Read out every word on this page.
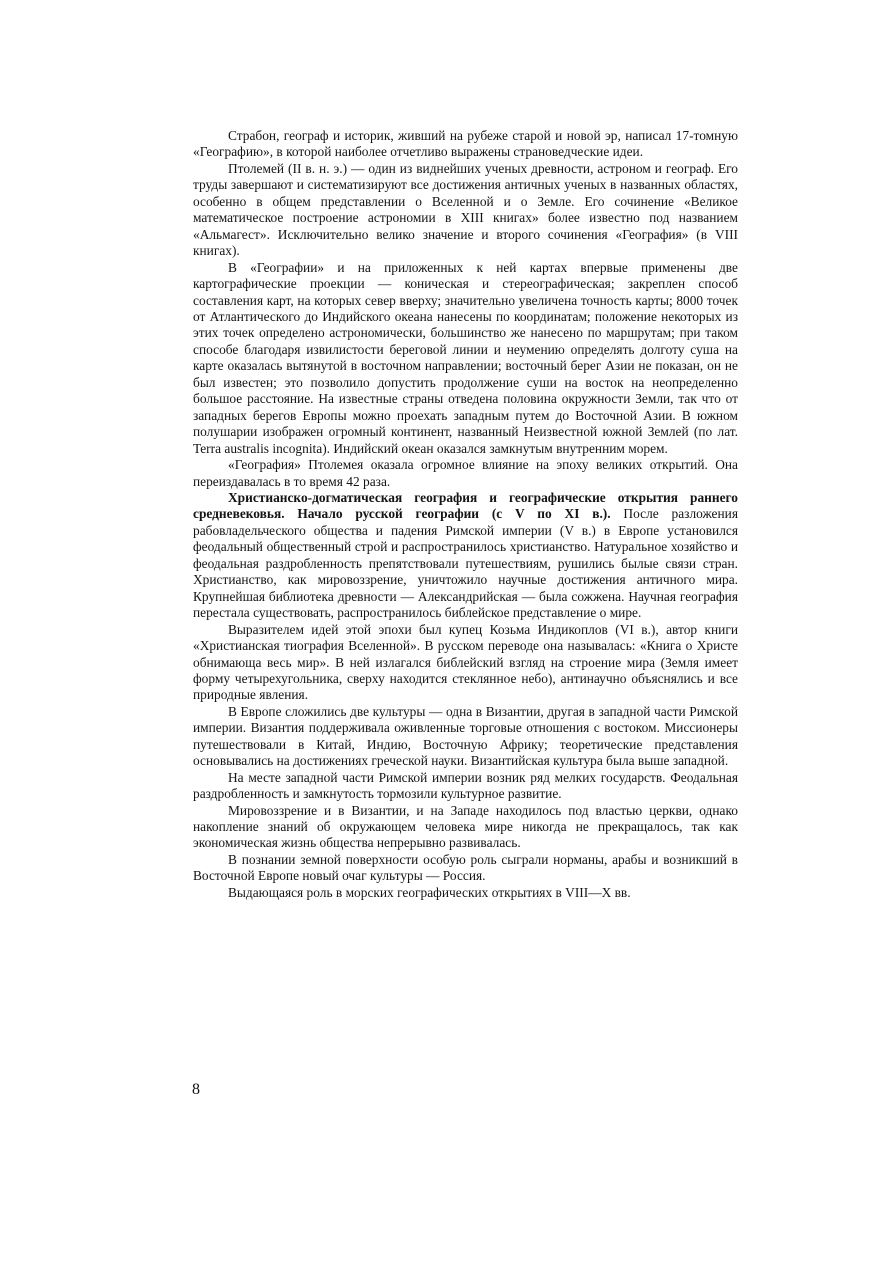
Страбон, географ и историк, живший на рубеже старой и новой эр, написал 17-томную «Географию», в которой наиболее отчетливо выражены страноведческие идеи.

Птолемей (II в. н. э.) — один из виднейших ученых древности, астроном и географ. Его труды завершают и систематизируют все достижения античных ученых в названных областях, особенно в общем представлении о Вселенной и о Земле. Его сочинение «Великое математическое построение астрономии в XIII книгах» более известно под названием «Альмагест». Исключительно велико значение и второго сочинения «География» (в VIII книгах).

В «Географии» и на приложенных к ней картах впервые применены две картографические проекции — коническая и стереографическая; закреплен способ составления карт, на которых север вверху; значительно увеличена точность карты; 8000 точек от Атлантического до Индийского океана нанесены по координатам; положение некоторых из этих точек определено астрономически, большинство же нанесено по маршрутам; при таком способе благодаря извилистости береговой линии и неумению определять долготу суша на карте оказалась вытянутой в восточном направлении; восточный берег Азии не показан, он не был известен; это позволило допустить продолжение суши на восток на неопределенно большое расстояние. На известные страны отведена половина окружности Земли, так что от западных берегов Европы можно проехать западным путем до Восточной Азии. В южном полушарии изображен огромный континент, названный Неизвестной южной Землей (по лат. Terra australis incognita). Индийский океан оказался замкнутым внутренним морем.

«География» Птолемея оказала огромное влияние на эпоху великих открытий. Она переиздавалась в то время 42 раза.

Христианско-догматическая география и географические открытия раннего средневековья. Начало русской географии (с V по XI в.). После разложения рабовладельческого общества и падения Римской империи (V в.) в Европе установился феодальный общественный строй и распространилось христианство. Натуральное хозяйство и феодальная раздробленность препятствовали путешествиям, рушились былые связи стран. Христианство, как мировоззрение, уничтожило научные достижения античного мира. Крупнейшая библиотека древности — Александрийская — была сожжена. Научная география перестала существовать, распространилось библейское представление о мире.

Выразителем идей этой эпохи был купец Козьма Индикоплов (VI в.), автор книги «Христианская тиография Вселенной». В русском переводе она называлась: «Книга о Христе обнимающа весь мир». В ней излагался библейский взгляд на строение мира (Земля имеет форму четырехугольника, сверху находится стеклянное небо), антинаучно объяснялись и все природные явления.

В Европе сложились две культуры — одна в Византии, другая в западной части Римской империи. Византия поддерживала оживленные торговые отношения с востоком. Миссионеры путешествовали в Китай, Индию, Восточную Африку; теоретические представления основывались на достижениях греческой науки. Византийская культура была выше западной.

На месте западной части Римской империи возник ряд мелких государств. Феодальная раздробленность и замкнутость тормозили культурное развитие.

Мировоззрение и в Византии, и на Западе находилось под властью церкви, однако накопление знаний об окружающем человека мире никогда не прекращалось, так как экономическая жизнь общества непрерывно развивалась.

В познании земной поверхности особую роль сыграли норманы, арабы и возникший в Восточной Европе новый очаг культуры — Россия.

Выдающаяся роль в морских географических открытиях в VIII—X вв.

8
